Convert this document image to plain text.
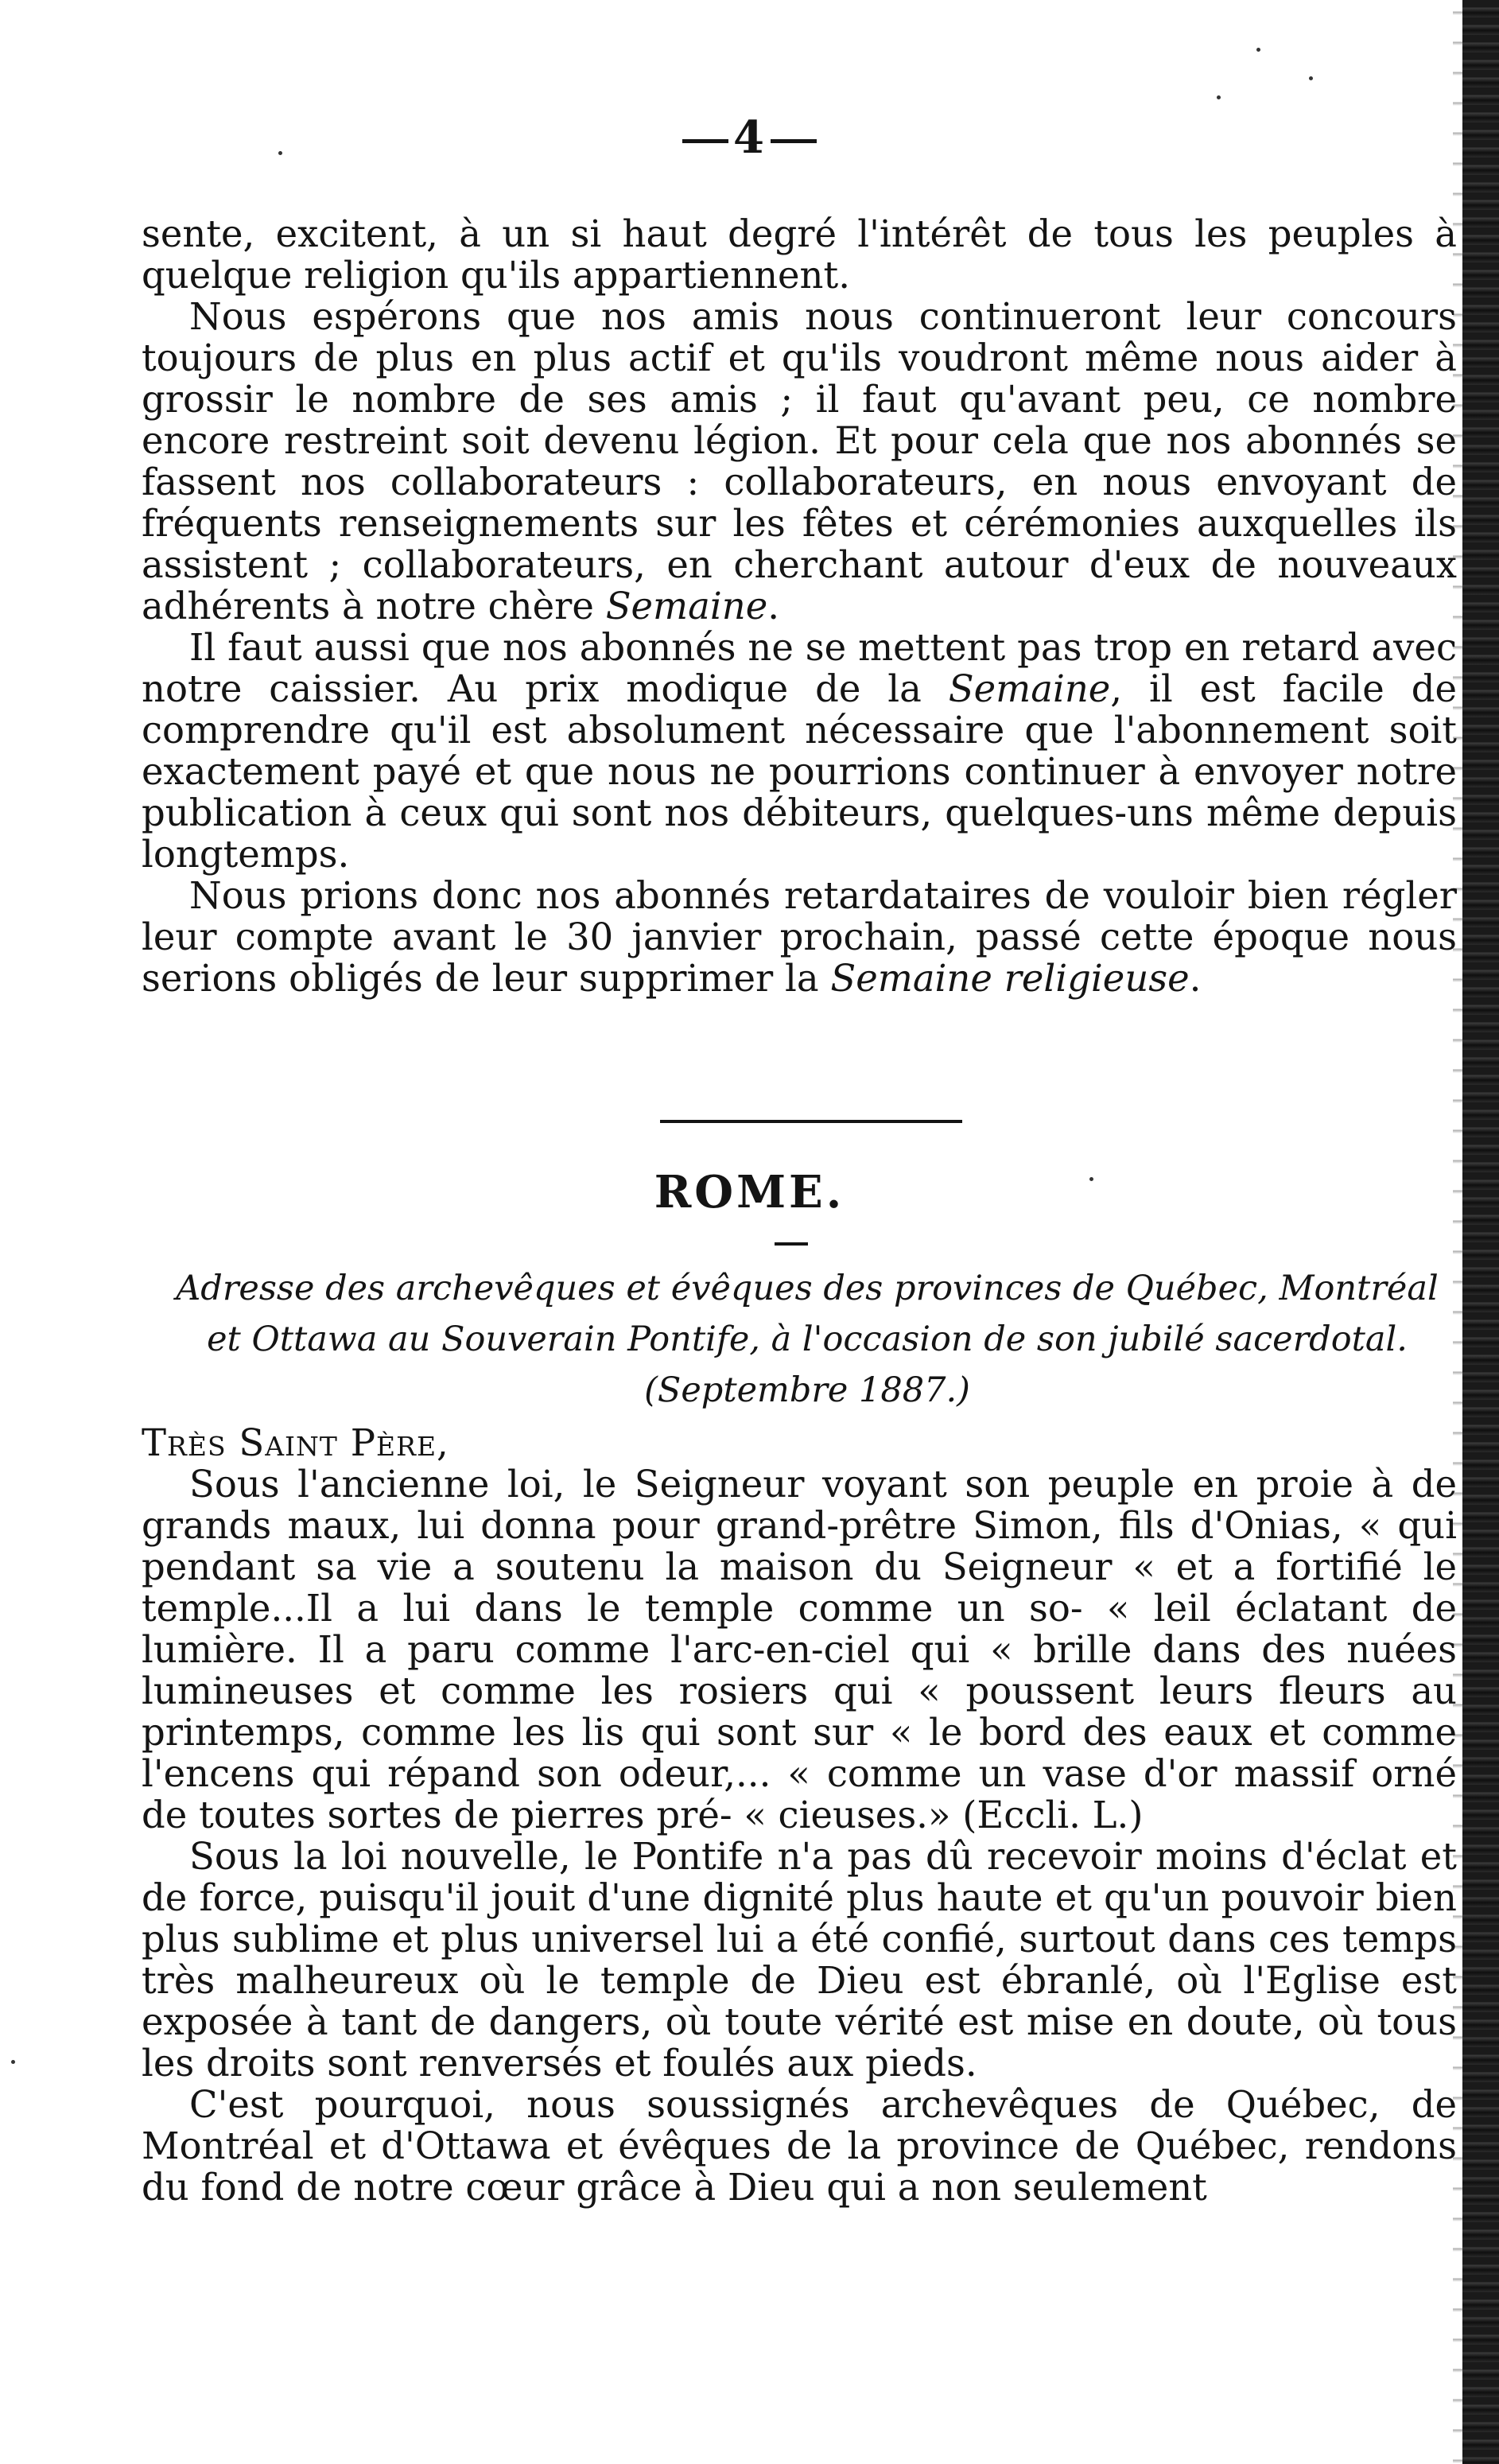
4

sente, excitent, à un si haut degré l'intérêt de tous les peuples à quelque religion qu'ils appartiennent.

Nous espérons que nos amis nous continueront leur concours toujours de plus en plus actif et qu'ils voudront même nous aider à grossir le nombre de ses amis ; il faut qu'avant peu, ce nombre encore restreint soit devenu légion. Et pour cela que nos abonnés se fassent nos collaborateurs : collaborateurs, en nous envoyant de fréquents renseignements sur les fêtes et cérémonies auxquelles ils assistent ; collaborateurs, en cherchant autour d'eux de nouveaux adhérents à notre chère Semaine.

Il faut aussi que nos abonnés ne se mettent pas trop en retard avec notre caissier. Au prix modique de la Semaine, il est facile de comprendre qu'il est absolument nécessaire que l'abonnement soit exactement payé et que nous ne pourrions continuer à envoyer notre publication à ceux qui sont nos débiteurs, quelques-uns même depuis longtemps.

Nous prions donc nos abonnés retardataires de vouloir bien régler leur compte avant le 30 janvier prochain, passé cette époque nous serions obligés de leur supprimer la Semaine religieuse.

ROME.
Adresse des archevêques et évêques des provinces de Québec, Montréal et Ottawa au Souverain Pontife, à l'occasion de son jubilé sacerdotal. (Septembre 1887.)

Très Saint Père,

Sous l'ancienne loi, le Seigneur voyant son peuple en proie à de grands maux, lui donna pour grand-prêtre Simon, fils d'Onias, « qui pendant sa vie a soutenu la maison du Seigneur « et a fortifié le temple...Il a lui dans le temple comme un so- « leil éclatant de lumière. Il a paru comme l'arc-en-ciel qui « brille dans des nuées lumineuses et comme les rosiers qui « poussent leurs fleurs au printemps, comme les lis qui sont sur « le bord des eaux et comme l'encens qui répand son odeur,... « comme un vase d'or massif orné de toutes sortes de pierres pré- « cieuses.» (Eccli. L.)

Sous la loi nouvelle, le Pontife n'a pas dû recevoir moins d'éclat et de force, puisqu'il jouit d'une dignité plus haute et qu'un pouvoir bien plus sublime et plus universel lui a été confié, surtout dans ces temps très malheureux où le temple de Dieu est ébranlé, où l'Eglise est exposée à tant de dangers, où toute vérité est mise en doute, où tous les droits sont renversés et foulés aux pieds.

C'est pourquoi, nous soussignés archevêques de Québec, de Montréal et d'Ottawa et évêques de la province de Québec, rendons du fond de notre cœur grâce à Dieu qui a non seulement
